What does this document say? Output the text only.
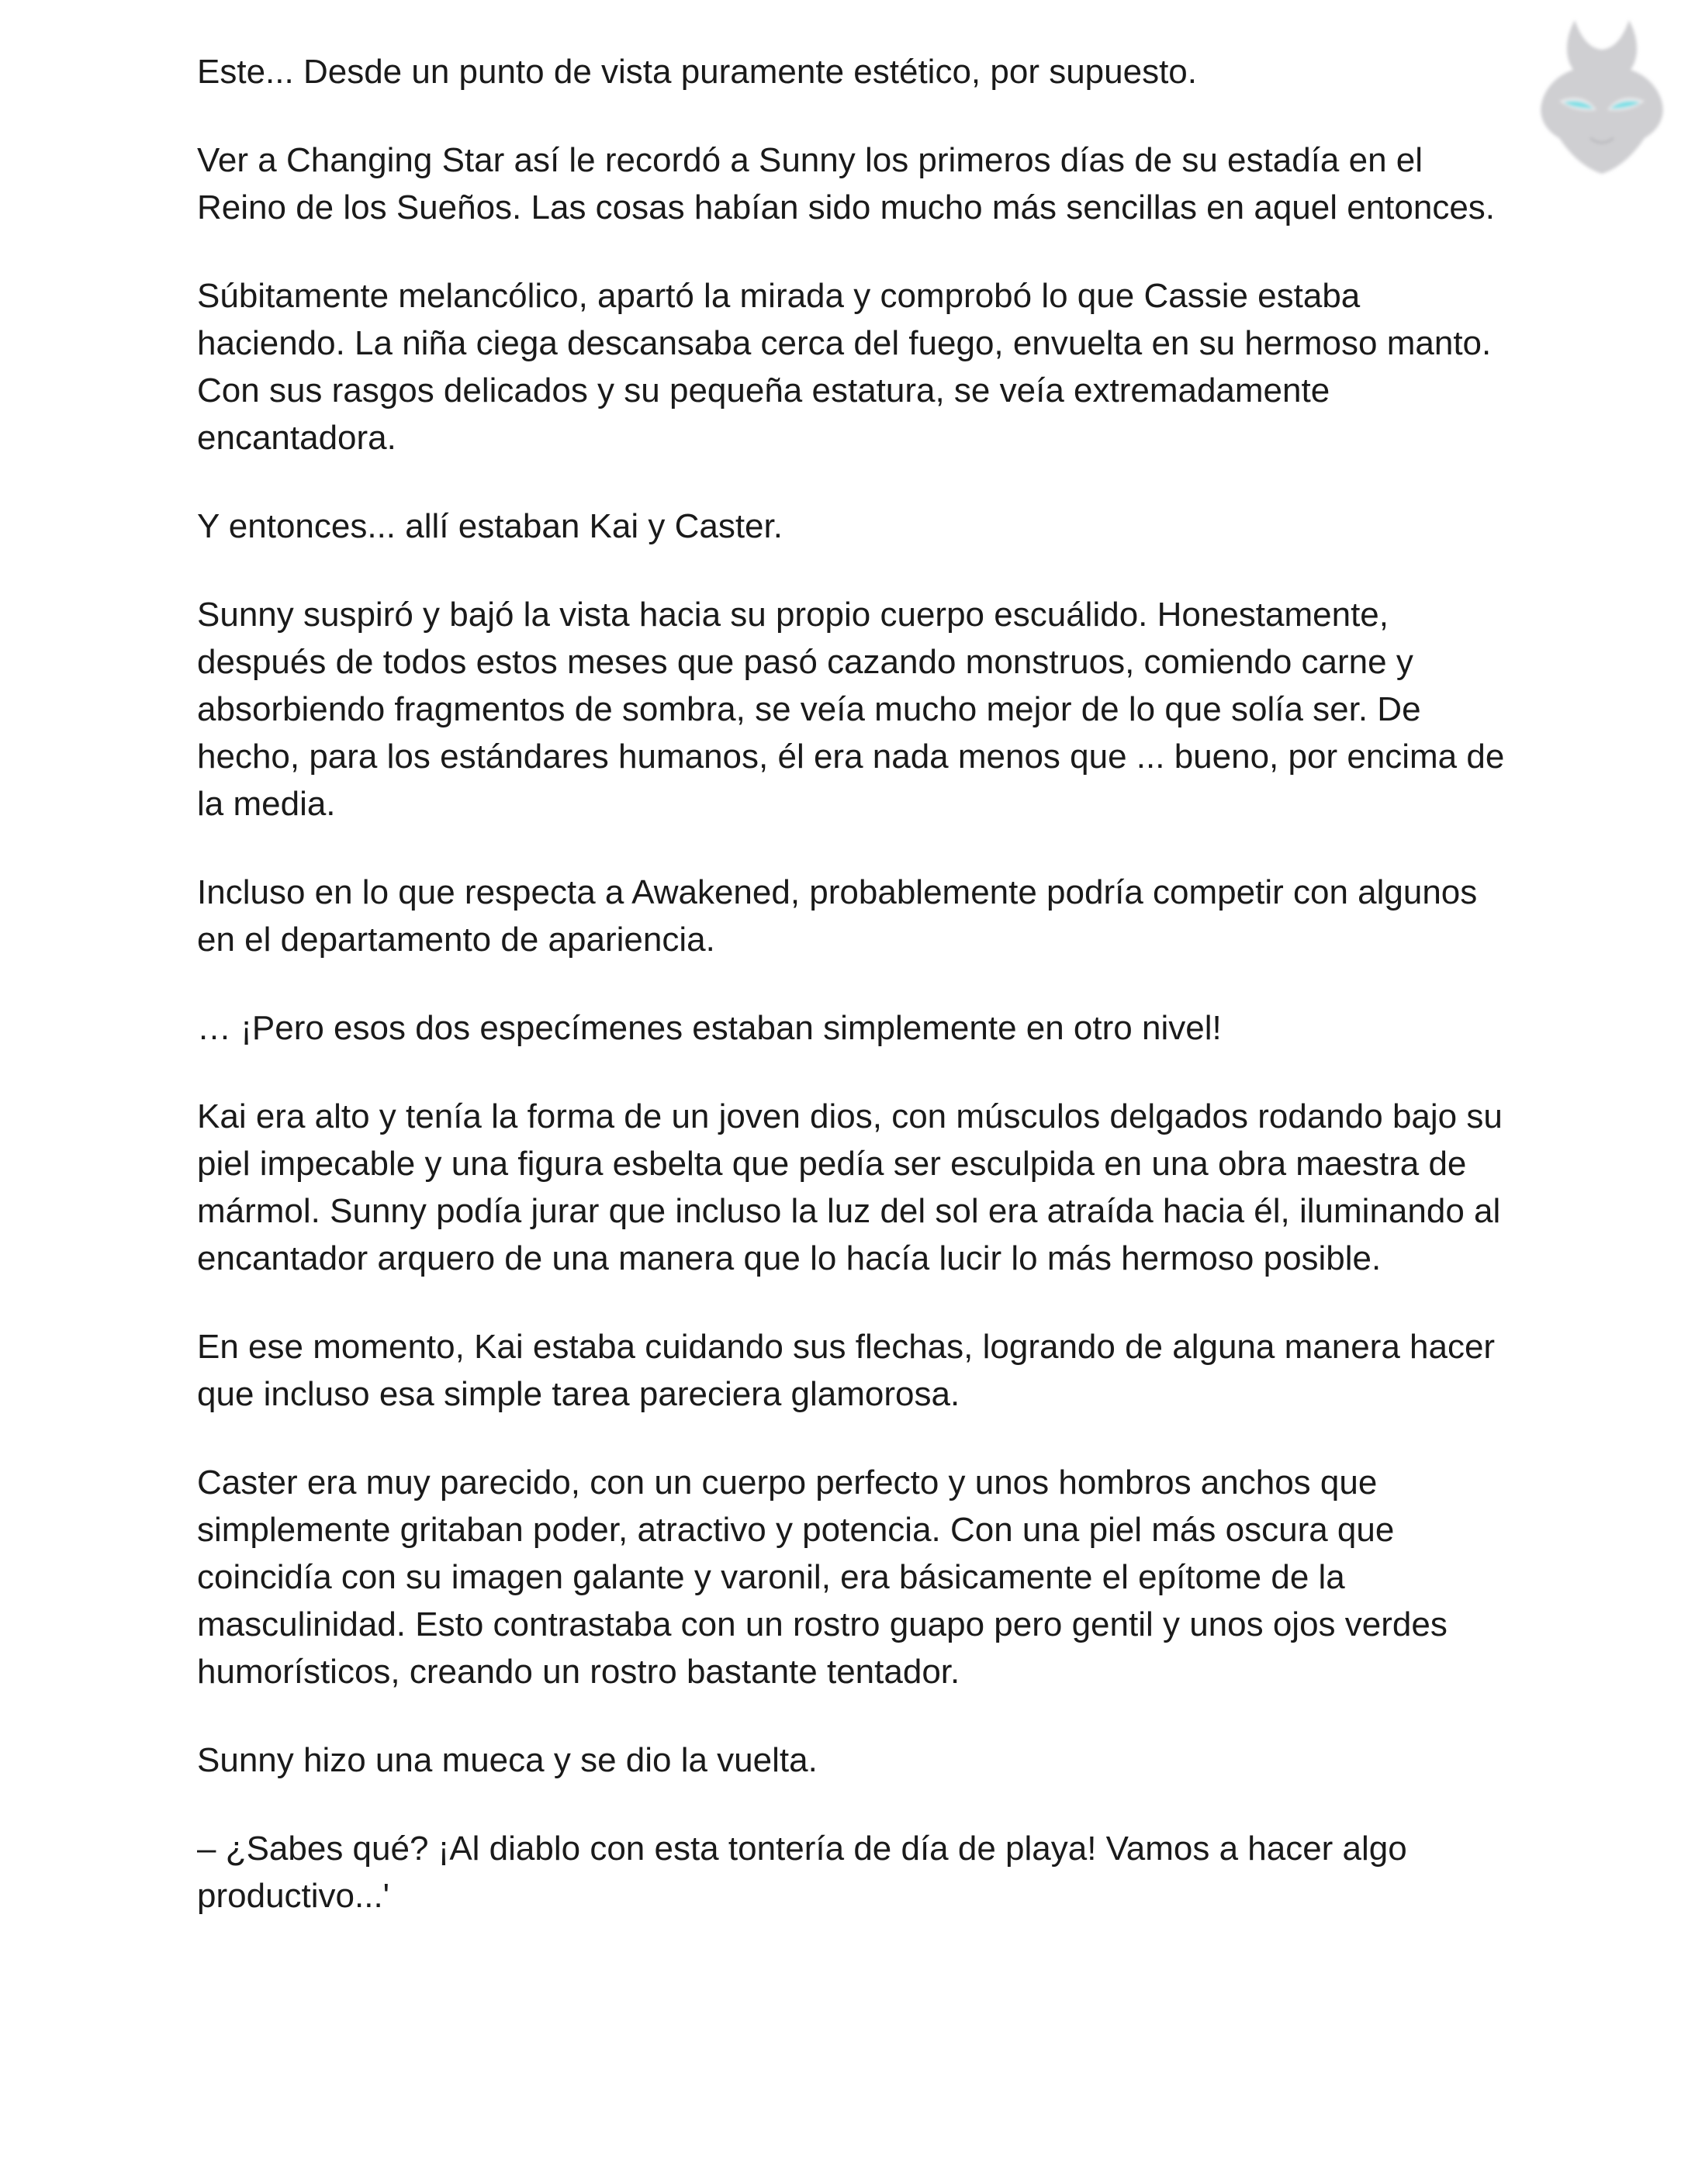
Este... Desde un punto de vista puramente estético, por supuesto.

Ver a Changing Star así le recordó a Sunny los primeros días de su estadía en el Reino de los Sueños. Las cosas habían sido mucho más sencillas en aquel entonces.

Súbitamente melancólico, apartó la mirada y comprobó lo que Cassie estaba haciendo. La niña ciega descansaba cerca del fuego, envuelta en su hermoso manto. Con sus rasgos delicados y su pequeña estatura, se veía extremadamente encantadora.

Y entonces... allí estaban Kai y Caster.

Sunny suspiró y bajó la vista hacia su propio cuerpo escuálido. Honestamente, después de todos estos meses que pasó cazando monstruos, comiendo carne y absorbiendo fragmentos de sombra, se veía mucho mejor de lo que solía ser. De hecho, para los estándares humanos, él era nada menos que ... bueno, por encima de la media.

Incluso en lo que respecta a Awakened, probablemente podría competir con algunos en el departamento de apariencia.

… ¡Pero esos dos especímenes estaban simplemente en otro nivel!

Kai era alto y tenía la forma de un joven dios, con músculos delgados rodando bajo su piel impecable y una figura esbelta que pedía ser esculpida en una obra maestra de mármol. Sunny podía jurar que incluso la luz del sol era atraída hacia él, iluminando al encantador arquero de una manera que lo hacía lucir lo más hermoso posible.

En ese momento, Kai estaba cuidando sus flechas, logrando de alguna manera hacer que incluso esa simple tarea pareciera glamorosa.

Caster era muy parecido, con un cuerpo perfecto y unos hombros anchos que simplemente gritaban poder, atractivo y potencia. Con una piel más oscura que coincidía con su imagen galante y varonil, era básicamente el epítome de la masculinidad. Esto contrastaba con un rostro guapo pero gentil y unos ojos verdes humorísticos, creando un rostro bastante tentador.

Sunny hizo una mueca y se dio la vuelta.

– ¿Sabes qué? ¡Al diablo con esta tontería de día de playa! Vamos a hacer algo productivo...'
